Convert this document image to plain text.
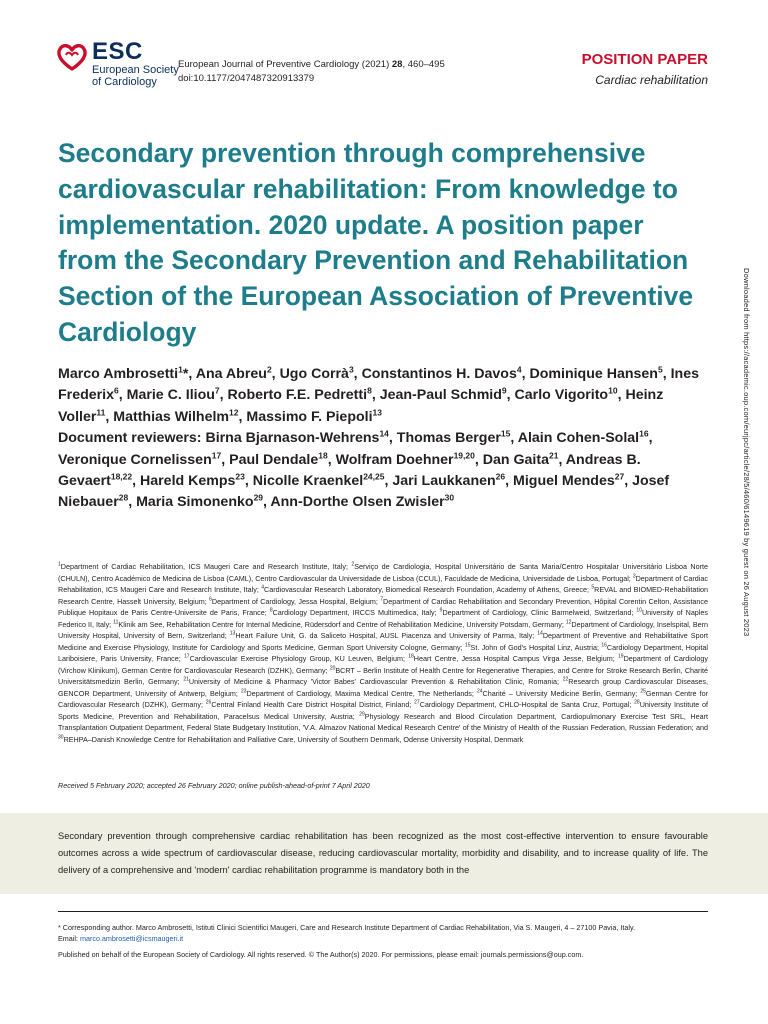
ESC
European Society
of Cardiology
European Journal of Preventive Cardiology (2021) 28, 460–495
doi:10.1177/2047487320913379
POSITION PAPER
Cardiac rehabilitation
Secondary prevention through comprehensive cardiovascular rehabilitation: From knowledge to implementation. 2020 update. A position paper from the Secondary Prevention and Rehabilitation Section of the European Association of Preventive Cardiology
Marco Ambrosetti$^1$*, Ana Abreu$^2$, Ugo Corrà$^3$, Constantinos H. Davos$^4$, Dominique Hansen$^5$, Ines Frederix$^6$, Marie C. Iliou$^7$, Roberto F.E. Pedretti$^8$, Jean-Paul Schmid$^9$, Carlo Vigorito$^{10}$, Heinz Voller$^{11}$, Matthias Wilhelm$^{12}$, Massimo F. Piepoli$^{13}$
Document reviewers: Birna Bjarnason-Wehrens$^{14}$, Thomas Berger$^{15}$, Alain Cohen-Solal$^{16}$, Veronique Cornelissen$^{17}$, Paul Dendale$^{18}$, Wolfram Doehner$^{19,20}$, Dan Gaita$^{21}$, Andreas B. Gevaert$^{18,22}$, Hareld Kemps$^{23}$, Nicolle Kraenkel$^{24,25}$, Jari Laukkanen$^{26}$, Miguel Mendes$^{27}$, Josef Niebauer$^{28}$, Maria Simonenko$^{29}$, Ann-Dorthe Olsen Zwisler$^{30}$
$^1$Department of Cardiac Rehabilitation, ICS Maugeri Care and Research Institute, Italy; $^2$Serviço de Cardiologia, Hospital Universitário de Santa Maria/Centro Hospitalar Universitário Lisboa Norte (CHULN), Centro Académico de Medicina de Lisboa (CAML), Centro Cardiovascular da Universidade de Lisboa (CCUL), Faculdade de Medicina, Universidade de Lisboa, Portugal; $^3$Department of Cardiac Rehabilitation, ICS Maugeri Care and Research Institute, Italy; $^4$Cardiovascular Research Laboratory, Biomedical Research Foundation, Academy of Athens, Greece; $^5$REVAL and BIOMED-Rehabilitation Research Centre, Hasselt University, Belgium; $^6$Department of Cardiology, Jessa Hospital, Belgium; $^7$Department of Cardiac Rehabilitation and Secondary Prevention, Hôpital Corentin Celton, Assistance Publique Hopitaux de Paris Centre-Universite de Paris, France; $^8$Cardiology Department, IRCCS Multimedica, Italy; $^9$Department of Cardiology, Clinic Barmelweid, Switzerland; $^{10}$University of Naples Federico II, Italy; $^{11}$Klinik am See, Rehabilitation Centre for Internal Medicine, Rüdersdorf and Centre of Rehabilitation Medicine, University Potsdam, Germany; $^{12}$Department of Cardiology, Inselspital, Bern University Hospital, University of Bern, Switzerland; $^{13}$Heart Failure Unit, G. da Saliceto Hospital, AUSL Piacenza and University of Parma, Italy; $^{14}$Department of Preventive and Rehabilitative Sport Medicine and Exercise Physiology, Institute for Cardiology and Sports Medicine, German Sport University Cologne, Germany; $^{15}$St. John of God's Hospital Linz, Austria; $^{16}$Cardiology Department, Hopital Lariboisiere, Paris University, France; $^{17}$Cardiovascular Exercise Physiology Group, KU Leuven, Belgium; $^{18}$Heart Centre, Jessa Hospital Campus Virga Jesse, Belgium; $^{19}$Department of Cardiology (Virchow Klinikum), German Centre for Cardiovascular Research (DZHK), Germany; $^{20}$BCRT – Berlin Institute of Health Centre for Regenerative Therapies, and Centre for Stroke Research Berlin, Charité Universitätsmedizin Berlin, Germany; $^{21}$University of Medicine & Pharmacy 'Victor Babes' Cardiovascular Prevention & Rehabilitation Clinic, Romania; $^{22}$Research group Cardiovascular Diseases, GENCOR Department, University of Antwerp, Belgium; $^{23}$Department of Cardiology, Maxima Medical Centre, The Netherlands; $^{24}$Charité – University Medicine Berlin, Germany; $^{25}$German Centre for Cardiovascular Research (DZHK), Germany; $^{26}$Central Finland Health Care District Hospital District, Finland; $^{27}$Cardiology Department, CHLO-Hospital de Santa Cruz, Portugal; $^{28}$University Institute of Sports Medicine, Prevention and Rehabilitation, Paracelsus Medical University, Austria; $^{29}$Physiology Research and Blood Circulation Department, Cardiopulmonary Exercise Test SRL, Heart Transplantation Outpatient Department, Federal State Budgetary Institution, 'V.A. Almazov National Medical Research Centre' of the Ministry of Health of the Russian Federation, Russian Federation; and $^{30}$REHPA–Danish Knowledge Centre for Rehabilitation and Palliative Care, University of Southern Denmark, Odense University Hospital, Denmark
Received 5 February 2020; accepted 26 February 2020; online publish-ahead-of-print 7 April 2020

Secondary prevention through comprehensive cardiac rehabilitation has been recognized as the most cost-effective intervention to ensure favourable outcomes across a wide spectrum of cardiovascular disease, reducing cardiovascular mortality, morbidity and disability, and to increase quality of life. The delivery of a comprehensive and 'modern' cardiac rehabilitation programme is mandatory both in the

* Corresponding author. Marco Ambrosetti, Istituti Clinici Scientifici Maugeri, Care and Research Institute Department of Cardiac Rehabilitation, Via S. Maugeri, 4 – 27100 Pavia, Italy.
Email: marco.ambrosetti@icsmaugeri.it
Published on behalf of the European Society of Cardiology. All rights reserved. © The Author(s) 2020. For permissions, please email: journals.permissions@oup.com.
Downloaded from https://academic.oup.com/eurjpc/article/28/5/460/6149619 by guest on 26 August 2023
